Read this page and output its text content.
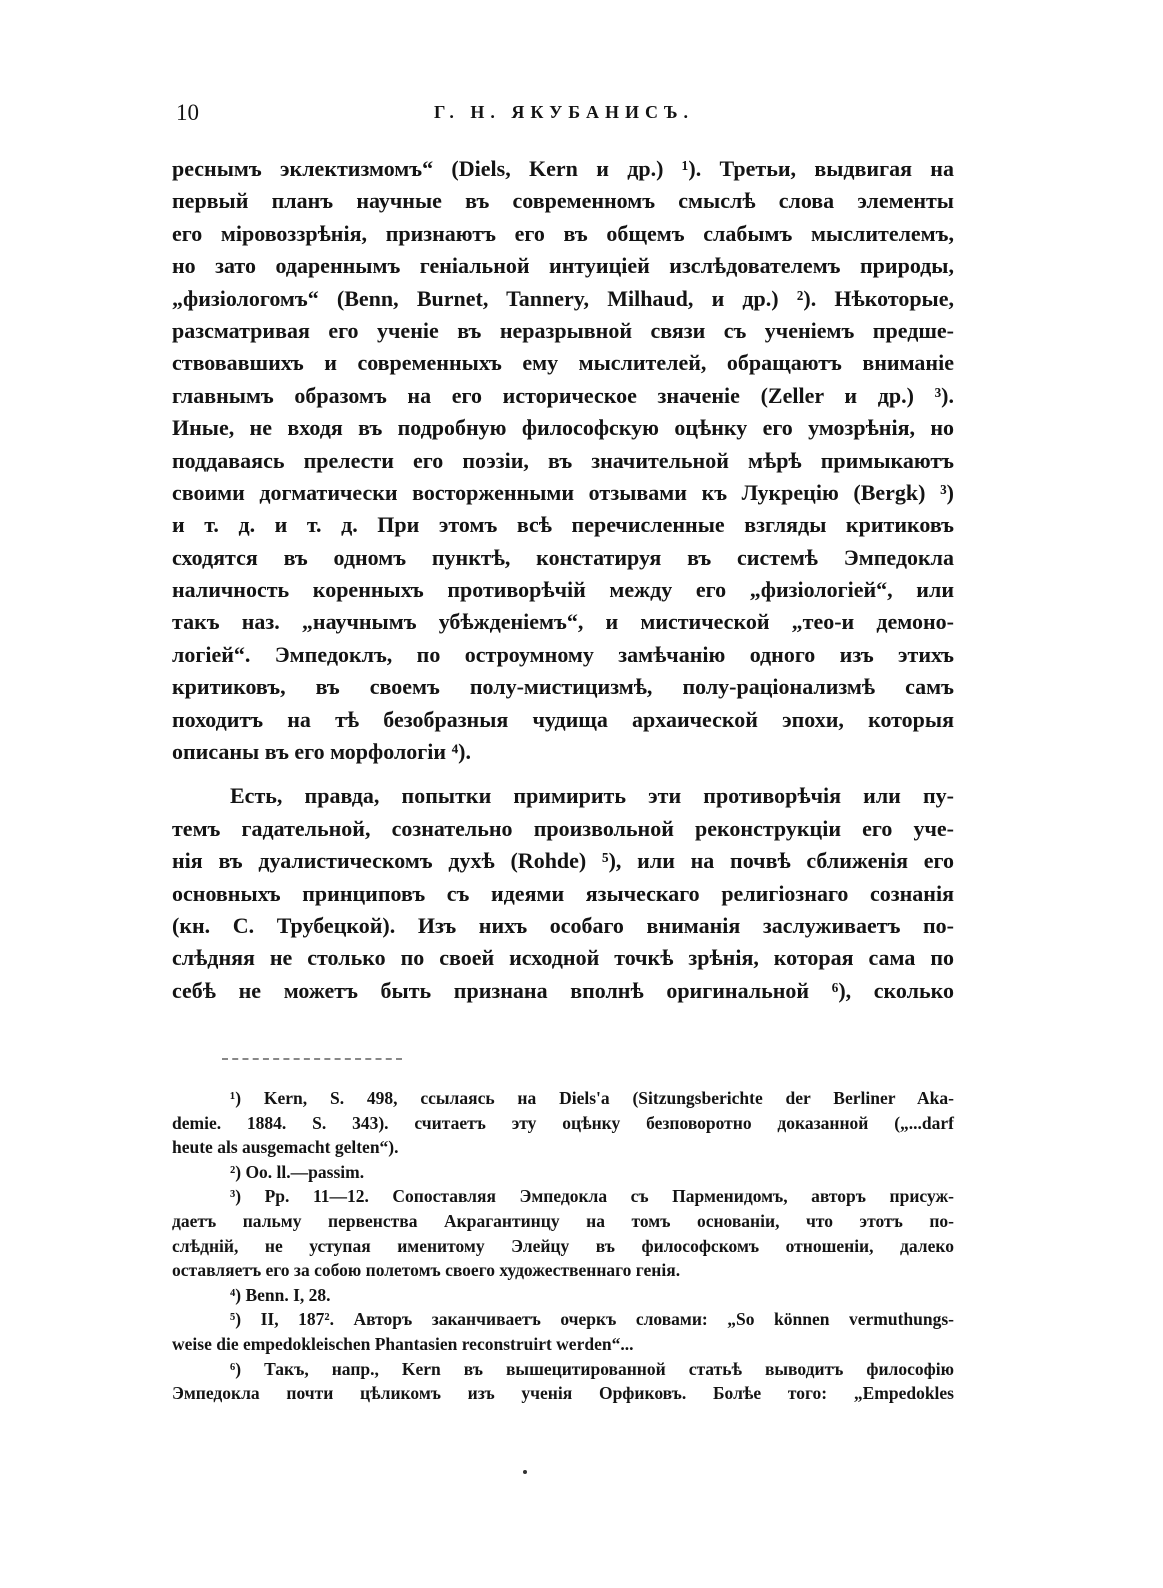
10	Г. Н. ЯКУБАНИСЪ.
реснымъ эклектизмомъ“ (Diels, Kern и др.) ¹). Третьи, выдвигая на
первый планъ научные въ современномъ смыслѣ слова элементы
его міровоззрѣнія, признаютъ его въ общемъ слабымъ мыслителемъ,
но зато одареннымъ геніальной интуиціей изслѣдователемъ природы,
„физіологомъ“ (Benn, Burnet, Tannery, Milhaud, и др.) ²). Нѣкоторые,
разсматривая его ученіе въ неразрывной связи съ ученіемъ предше-
ствовавшихъ и современныхъ ему мыслителей, обращаютъ вниманіе
главнымъ образомъ на его историческое значеніе (Zeller и др.) ³).
Иные, не входя въ подробную философскую оцѣнку его умозрѣнія, но
поддаваясь прелести его поэзіи, въ значительной мѣрѣ примыкаютъ
своими догматически восторженными отзывами къ Лукрецію (Bergk) ³)
и т. д. и т. д. При этомъ всѣ перечисленные взгляды критиковъ
сходятся въ одномъ пунктѣ, констатируя въ системѣ Эмпедокла
наличность коренныхъ противорѣчій между его „физіологіей“, или
такъ наз. „научнымъ убѣжденіемъ“, и мистической „тео-и демоно-
логіей“. Эмпедоклъ, по остроумному замѣчанію одного изъ этихъ
критиковъ, въ своемъ полу-мистицизмѣ, полу-раціонализмѣ самъ
походитъ на тѣ безобразныя чудища архаической эпохи, которыя
описаны въ его морфологіи ⁴).
Есть, правда, попытки примирить эти противорѣчія или пу-
темъ гадательной, сознательно произвольной реконструкціи его уче-
нія въ дуалистическомъ духѣ (Rohde) ⁵), или на почвѣ сближенія его
основныхъ принциповъ съ идеями языческаго религіознаго сознанія
(кн. С. Трубецкой). Изъ нихъ особаго вниманія заслуживаетъ по-
слѣдняя не столько по своей исходной точкѣ зрѣнія, которая сама по
себѣ не можетъ быть признана вполнѣ оригинальной ⁶), сколько
¹) Kern, S. 498, ссылаясь на Diels'a (Sitzungsberichte der Berliner Aka-
demie. 1884. S. 343). считаетъ эту оцѣнку безповоротно доказанной („...darf
heute als ausgemacht gelten“).
²) Oo. ll.—passim.
³) Pp. 11—12. Сопоставляя Эмпедокла съ Парменидомъ, авторъ присуж-
даетъ пальму первенства Акрагантинцу на томъ основаніи, что этотъ по-
слѣдній, не уступая именитому Элейцу въ философскомъ отношеніи, далеко
оставляетъ его за собою полетомъ своего художественнаго генія.
⁴) Benn. I, 28.
⁵) II, 187². Авторъ заканчиваетъ очеркъ словами: „So können vermuthungs-
weise die empedokleischen Phantasien reconstruirt werden“...
⁶) Такъ, напр., Kern въ вышецитированной статьѣ выводитъ философію
Эмпедокла почти цѣликомъ изъ ученія Орфиковъ. Болѣе того: „Empedokles
